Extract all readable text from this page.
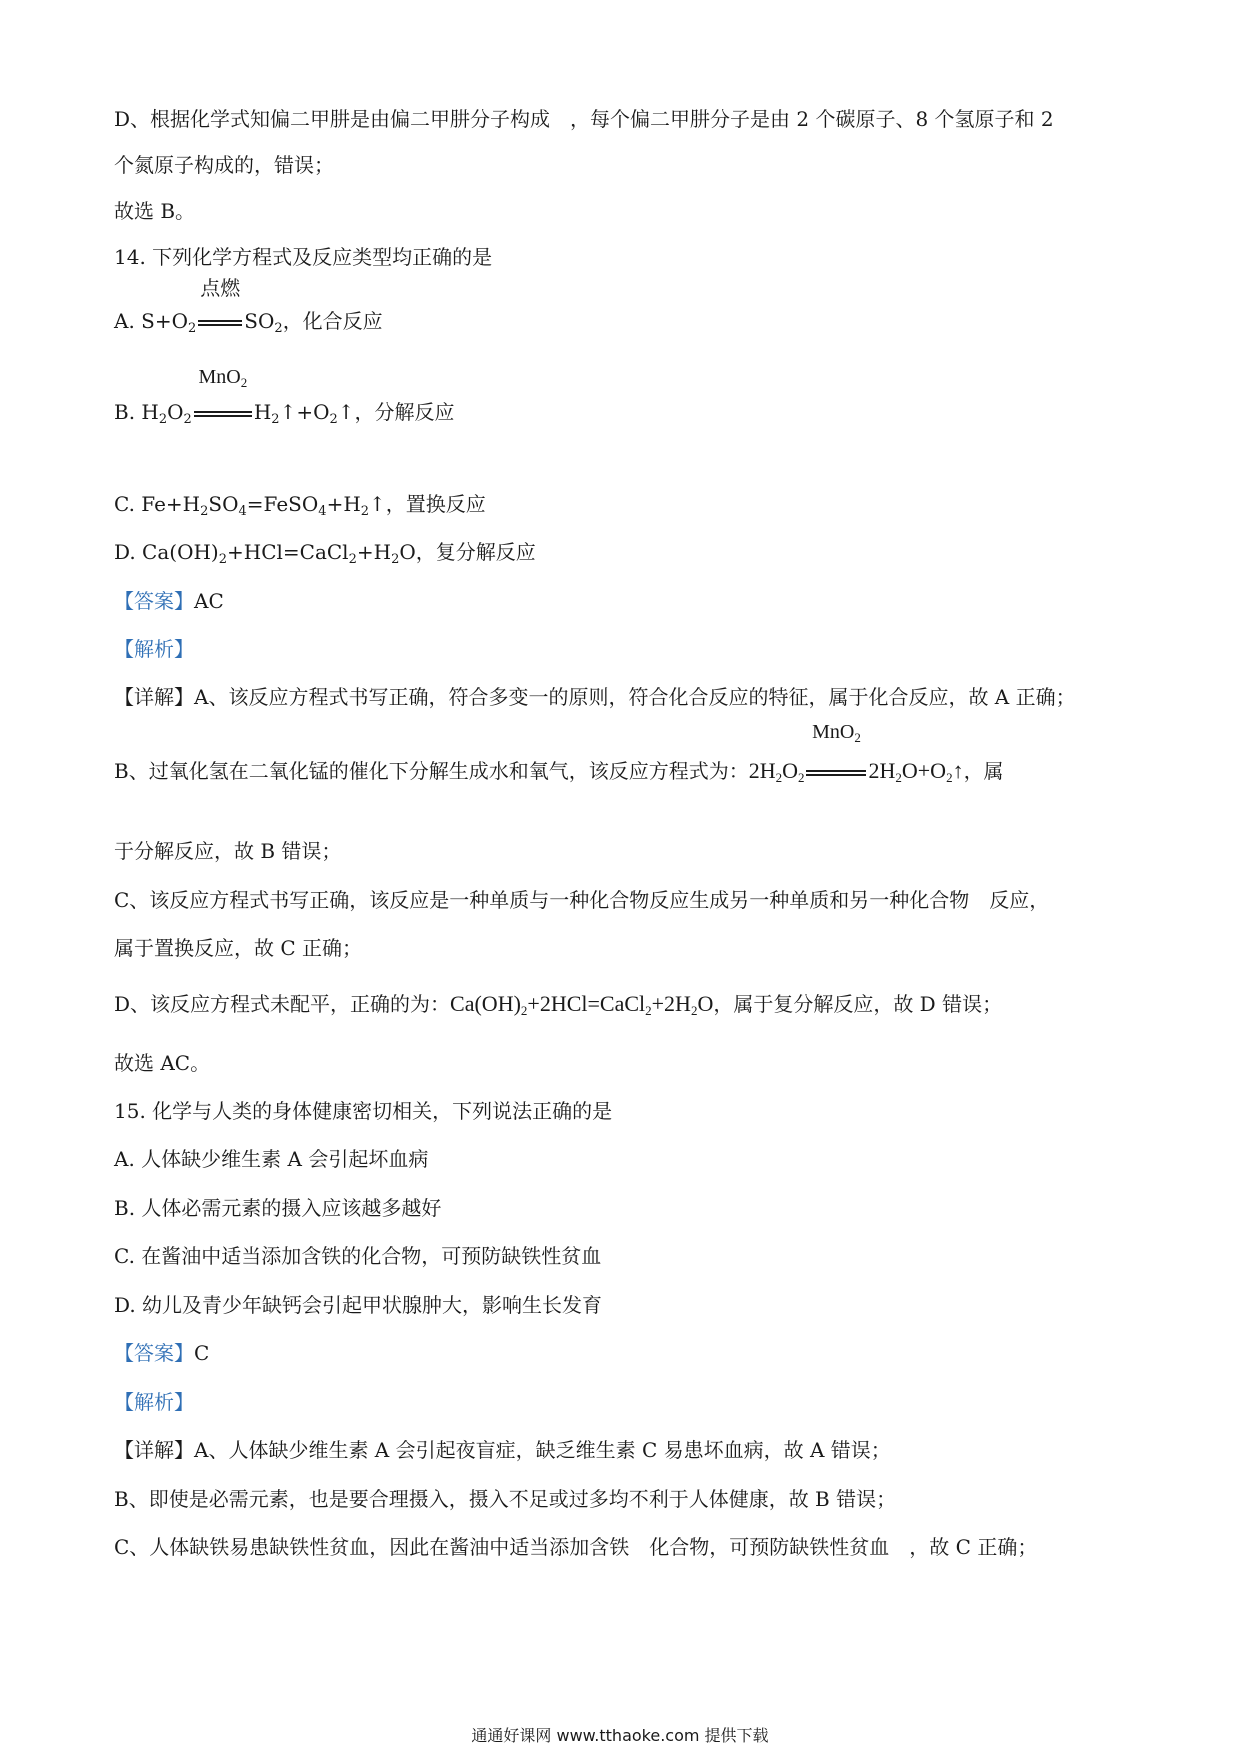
D、根据化学式知偏二甲肼是由偏二甲肼分子构成　，每个偏二甲肼分子是由 2 个碳原子、8 个氢原子和 2
个氮原子构成的，错误；
故选 B。
14. 下列化学方程式及反应类型均正确的是
A. $S+O_2$
点燃
$SO_2$，化合反应
B. $H_2O_2$
MnO$_2$
$H_2↑+O_2↑$，分解反应
C. $Fe+H_2SO_4=FeSO_4+H_2↑$，置换反应
D. $Ca(OH)_2+HCl=CaCl_2+H_2O$，复分解反应
【答案】AC
【解析】
【详解】A、该反应方程式书写正确，符合多变一的原则，符合化合反应的特征，属于化合反应，故 A 正确；
B、过氧化氢在二氧化锰的催化下分解生成水和氧气，该反应方程式为：$2H_2O_2$
MnO$_2$
$2H_2O+O_2↑$，属
于分解反应，故 B 错误；
C、该反应方程式书写正确，该反应是一种单质与一种化合物反应生成另一种单质和另一种化合物　反应，
属于置换反应，故 C 正确；
D、该反应方程式未配平，正确的为：$Ca(OH)_2+2HCl=CaCl_2+2H_2O$，属于复分解反应，故 D 错误；
故选 AC。
15. 化学与人类的身体健康密切相关，下列说法正确的是
A. 人体缺少维生素 A 会引起坏血病
B. 人体必需元素的摄入应该越多越好
C. 在酱油中适当添加含铁的化合物，可预防缺铁性贫血
D. 幼儿及青少年缺钙会引起甲状腺肿大，影响生长发育
【答案】C
【解析】
【详解】A、人体缺少维生素 A 会引起夜盲症，缺乏维生素 C 易患坏血病，故 A 错误；
B、即使是必需元素，也是要合理摄入，摄入不足或过多均不利于人体健康，故 B 错误；
C、人体缺铁易患缺铁性贫血，因此在酱油中适当添加含铁　化合物，可预防缺铁性贫血　，故 C 正确；
通通好课网 www.tthaoke.com 提供下载
